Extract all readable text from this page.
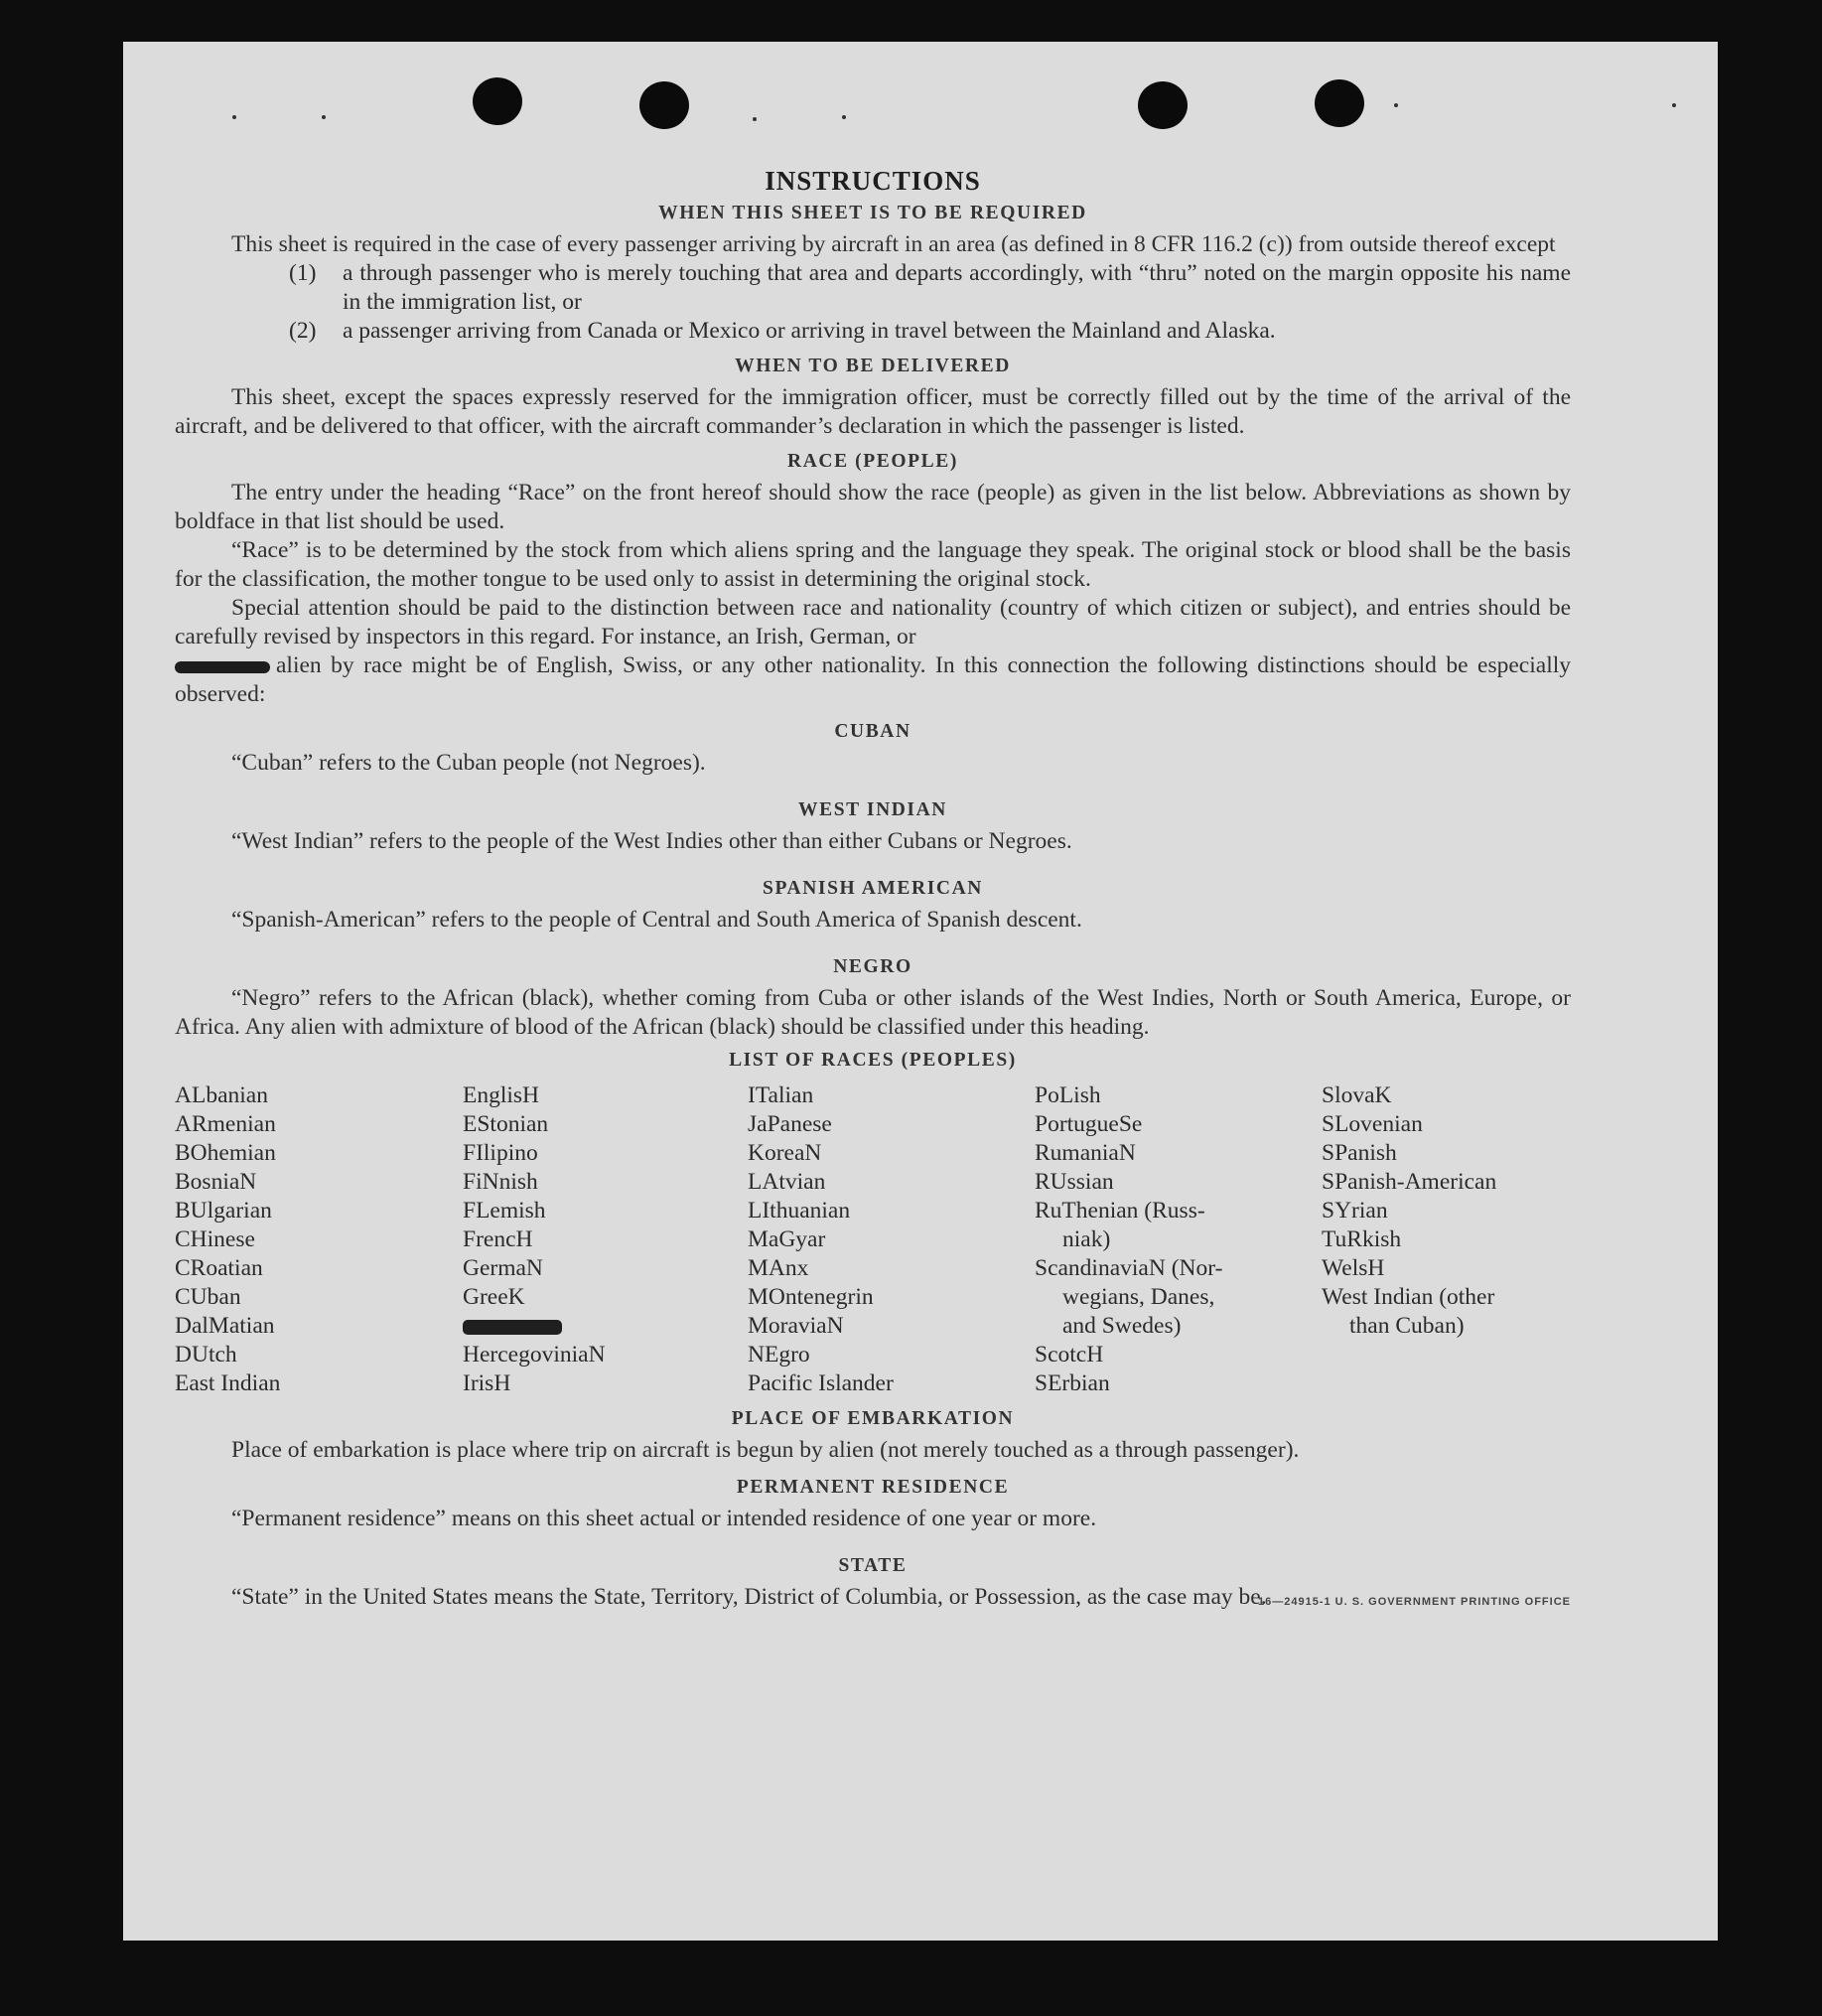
INSTRUCTIONS
WHEN THIS SHEET IS TO BE REQUIRED

This sheet is required in the case of every passenger arriving by aircraft in an area (as defined in 8 CFR 116.2 (c)) from outside thereof except

(1)	a through passenger who is merely touching that area and departs accordingly, with “thru” noted on the margin opposite his name in the immigration list, or
(2)	a passenger arriving from Canada or Mexico or arriving in travel between the Mainland and Alaska.
WHEN TO BE DELIVERED

This sheet, except the spaces expressly reserved for the immigration officer, must be correctly filled out by the time of the arrival of the aircraft, and be delivered to that officer, with the aircraft commander’s declaration in which the passenger is listed.

RACE (PEOPLE)

The entry under the heading “Race” on the front hereof should show the race (people) as given in the list below. Abbreviations as shown by boldface in that list should be used.

“Race” is to be determined by the stock from which aliens spring and the language they speak. The original stock or blood shall be the basis for the classification, the mother tongue to be used only to assist in determining the original stock.

Special attention should be paid to the distinction between race and nationality (country of which citizen or subject), and entries should be carefully revised by inspectors in this regard. For instance, an Irish, German, or

alien by race might be of English, Swiss, or any other nationality. In this connection the following distinctions should be especially observed:

CUBAN

“Cuban” refers to the Cuban people (not Negroes).

WEST INDIAN

“West Indian” refers to the people of the West Indies other than either Cubans or Negroes.

SPANISH AMERICAN

“Spanish-American” refers to the people of Central and South America of Spanish descent.

NEGRO

“Negro” refers to the African (black), whether coming from Cuba or other islands of the West Indies, North or South America, Europe, or Africa. Any alien with admixture of blood of the African (black) should be classified under this heading.

LIST OF RACES (PEOPLES)
ALbanian
ARmenian
BOhemian
BosniaN
BUlgarian
CHinese
CRoatian
CUban
DalMatian
DUtch
East Indian
EnglisH
EStonian
FIlipino
FiNnish
FLemish
FrencH
GermaN
GreeK
HercegoviniaN
IrisH
ITalian
JaPanese
KoreaN
LAtvian
LIthuanian
MaGyar
MAnx
MOntenegrin
MoraviaN
NEgro
Pacific Islander
PoLish
PortugueSe
RumaniaN
RUssian
RuThenian (Russ-
niak)
ScandinaviaN (Nor-
wegians, Danes,
and Swedes)
ScotcH
SErbian
SlovaK
SLovenian
SPanish
SPanish-American
SYrian
TuRkish
WelsH
West Indian (other
than Cuban)
PLACE OF EMBARKATION

Place of embarkation is place where trip on aircraft is begun by alien (not merely touched as a through passenger).

PERMANENT RESIDENCE

“Permanent residence” means on this sheet actual or intended residence of one year or more.

STATE

“State” in the United States means the State, Territory, District of Columbia, or Possession, as the case may be.

16—24915-1 U. S. GOVERNMENT PRINTING OFFICE
